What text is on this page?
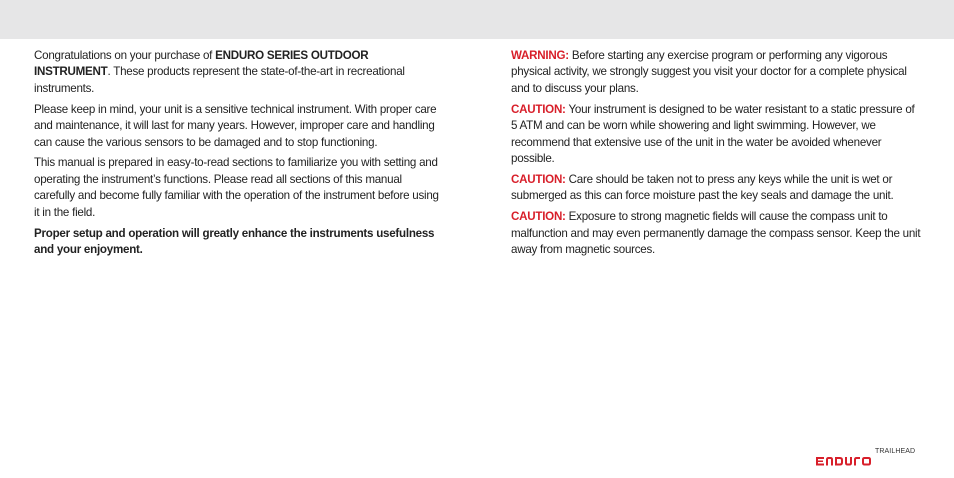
Congratulations on your purchase of ENDURO SERIES OUTDOOR INSTRUMENT. These products represent the state-of-the-art in recreational instruments.

Please keep in mind, your unit is a sensitive technical instrument. With proper care and maintenance, it will last for many years. However, improper care and handling can cause the various sensors to be damaged and to stop functioning.

This manual is prepared in easy-to-read sections to familiarize you with setting and operating the instrument’s functions. Please read all sections of this manual carefully and become fully familiar with the operation of the instrument before using it in the field.

Proper setup and operation will greatly enhance the instruments usefulness and your enjoyment.

WARNING: Before starting any exercise program or performing any vigorous physical activity, we strongly suggest you visit your doctor for a complete physical and to discuss your plans.

CAUTION: Your instrument is designed to be water resistant to a static pressure of 5 ATM and can be worn while showering and light swimming. However, we recommend that extensive use of the unit in the water be avoided whenever possible.

CAUTION: Care should be taken not to press any keys while the unit is wet or submerged as this can force moisture past the key seals and damage the unit.

CAUTION: Exposure to strong magnetic fields will cause the compass unit to malfunction and may even permanently damage the compass sensor. Keep the unit away from magnetic sources.

TRAILHEAD
